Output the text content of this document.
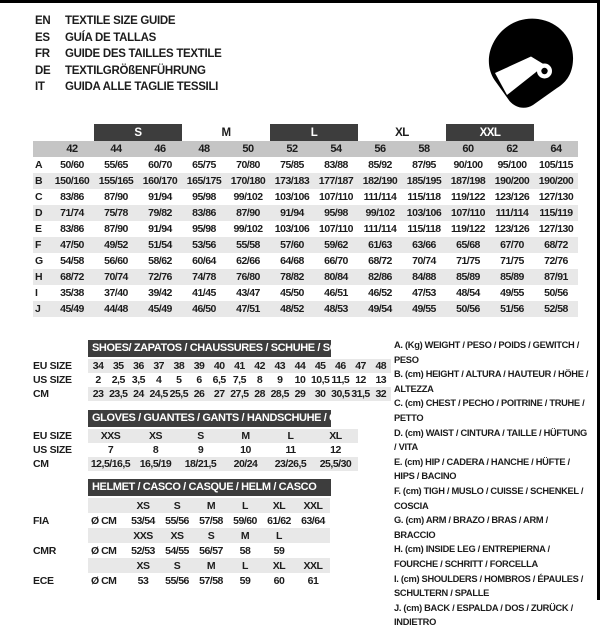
EN	TEXTILE SIZE GUIDE
ES	GUÍA DE TALLAS
FR	GUIDE DES TAILLES TEXTILE
DE	TEXTILGRÖßENFÜHRUNG
IT	GUIDA ALLE TAGLIE TESSILI
		S		M		L		XL		XXL		
	42	44	46	48	50	52	54	56	58	60	62	64
A	50/60	55/65	60/70	65/75	70/80	75/85	83/88	85/92	87/95	90/100	95/100	105/115
B	150/160	155/165	160/170	165/175	170/180	173/183	177/187	182/190	185/195	187/198	190/200	190/200
C	83/86	87/90	91/94	95/98	99/102	103/106	107/110	111/114	115/118	119/122	123/126	127/130
D	71/74	75/78	79/82	83/86	87/90	91/94	95/98	99/102	103/106	107/110	111/114	115/119
E	83/86	87/90	91/94	95/98	99/102	103/106	107/110	111/114	115/118	119/122	123/126	127/130
F	47/50	49/52	51/54	53/56	55/58	57/60	59/62	61/63	63/66	65/68	67/70	68/72
G	54/58	56/60	58/62	60/64	62/66	64/68	66/70	68/72	70/74	71/75	71/75	72/76
H	68/72	70/74	72/76	74/78	76/80	78/82	80/84	82/86	84/88	85/89	85/89	87/91
I	35/38	37/40	39/42	41/45	43/47	45/50	46/51	46/52	47/53	48/54	49/55	50/56
J	45/49	44/48	45/49	46/50	47/51	48/52	48/53	49/54	49/55	50/56	51/56	52/58
SHOES/ ZAPATOS / CHAUSSURES / SCHUHE / SCARPE
EU SIZE	34	35	36	37	38	39	40	41	42	43	44	45	46	47	48
US SIZE	2	2,5	3,5	4	5	6	6,5	7,5	8	9	10	10,5	11,5	12	13
CM	23	23,5	24	24,5	25,5	26	27	27,5	28	28,5	29	30	30,5	31,5	32
GLOVES / GUANTES / GANTS / HANDSCHUHE / GUANTI
EU SIZE	XXS	XS	S	M	L	XL
US SIZE	7	8	9	10	11	12
CM	12,5/16,5	16,5/19	18/21,5	20/24	23/26,5	25,5/30
HELMET / CASCO / CASQUE / HELM / CASCO
		XS	S	M	L	XL	XXL
FIA	Ø CM	53/54	55/56	57/58	59/60	61/62	63/64
		XXS	XS	S	M	L	
CMR	Ø CM	52/53	54/55	56/57	58	59	
		XS	S	M	L	XL	XXL
ECE	Ø CM	53	55/56	57/58	59	60	61
A. (Kg) WEIGHT / PESO / POIDS / GEWITCH / PESO
B. (cm) HEIGHT / ALTURA / HAUTEUR / HÖHE / ALTEZZA
C. (cm) CHEST / PECHO / POITRINE / TRUHE / PETTO
D. (cm) WAIST / CINTURA / TAILLE / HÜFTUNG / VITA
E. (cm) HIP / CADERA / HANCHE / HÜFTE / HIPS / BACINO
F. (cm) TIGH / MUSLO / CUISSE / SCHENKEL / COSCIA
G. (cm) ARM / BRAZO / BRAS / ARM / BRACCIO
H. (cm) INSIDE LEG / ENTREPIERNA / FOURCHE / SCHRITT / FORCELLA
I. (cm) SHOULDERS / HOMBROS / ÉPAULES / SCHULTERN / SPALLE
J. (cm) BACK / ESPALDA / DOS / ZURÜCK / INDIETRO
